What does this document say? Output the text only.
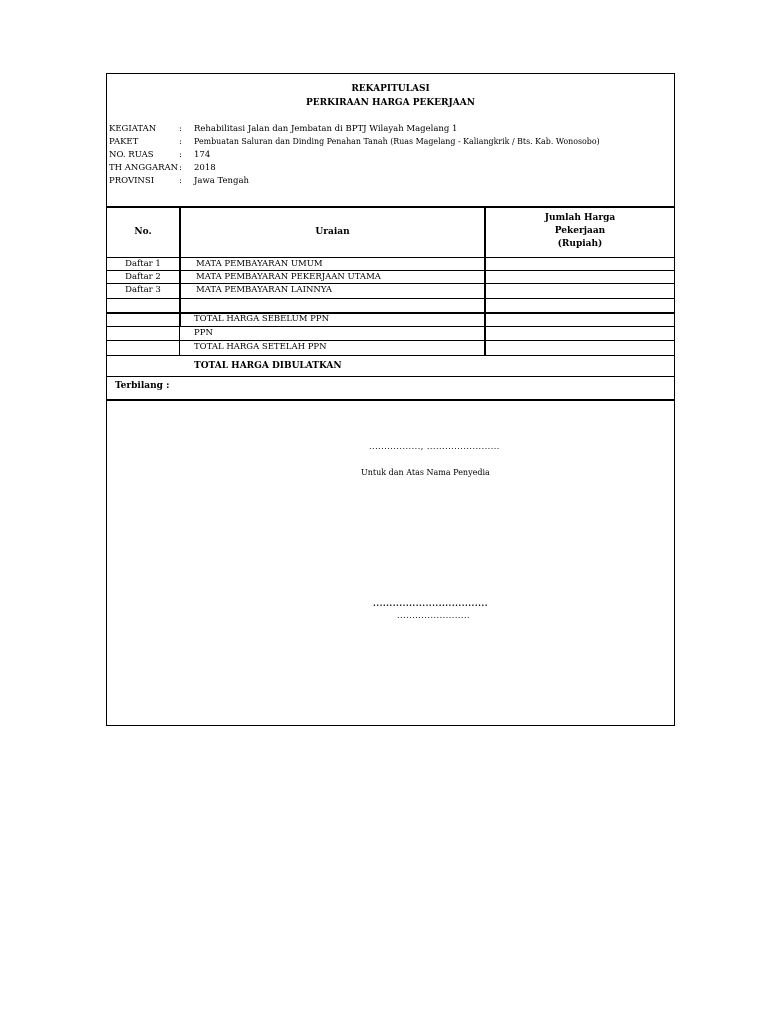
REKAPITULASI
PERKIRAAN HARGA PEKERJAAN
KEGIATAN	: Rehabilitasi Jalan dan Jembatan di BPTJ Wilayah Magelang 1
PAKET	: Pembuatan Saluran dan Dinding Penahan Tanah (Ruas Magelang - Kaliangkrik / Bts. Kab. Wonosobo)
NO. RUAS	: 174
TH ANGGARAN : 2018
PROVINSI	: Jawa Tengah
No.	Uraian
Jumlah Harga
Pekerjaan
(Rupiah)
Daftar 1	MATA PEMBAYARAN UMUM
Daftar 2	MATA PEMBAYARAN PEKERJAAN UTAMA
Daftar 3	MATA PEMBAYARAN LAINNYA
TOTAL HARGA SEBELUM PPN
PPN
TOTAL HARGA SETELAH PPN
TOTAL HARGA DIBULATKAN
Terbilang :
................., ........................
Untuk dan Atas Nama Penyedia
...................................
........................
